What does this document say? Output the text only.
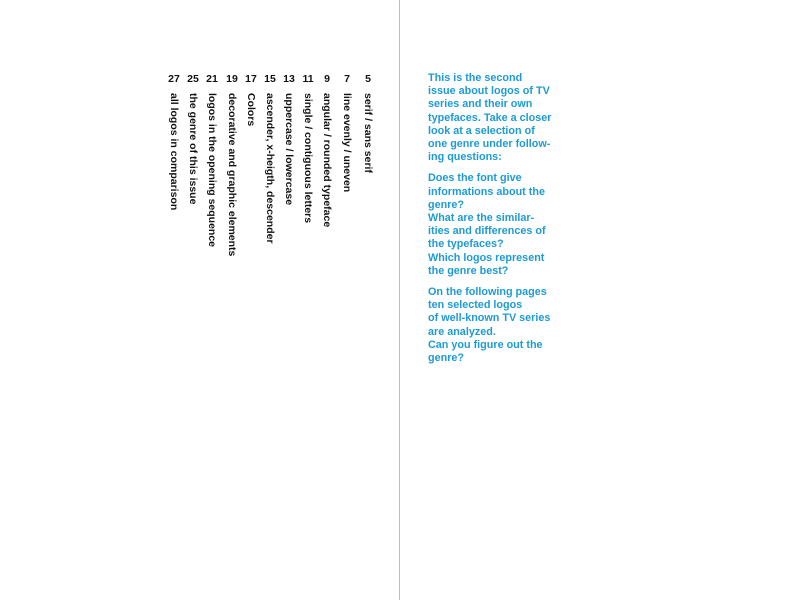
5
serif / sans serif
7
line evenly / uneven
9
angular / rounded typeface
11
single / contiguous letters
13
uppercase / lowercase
15
ascender, x-heigth, descender
17
Colors
19
decorative and graphic elements
21
logos in the opening sequence
25
the genre of this issue
27
all logos in comparison

This is the second
issue about logos of TV
series and their own
typefaces. Take a closer
look at a selection of
one genre under follow-
ing questions:

Does the font give
informations about the
genre?
What are the similar-
ities and differences of
the typefaces?
Which logos represent
the genre best?

On the following pages
ten selected logos
of well-known TV series
are analyzed.
Can you figure out the
genre?
